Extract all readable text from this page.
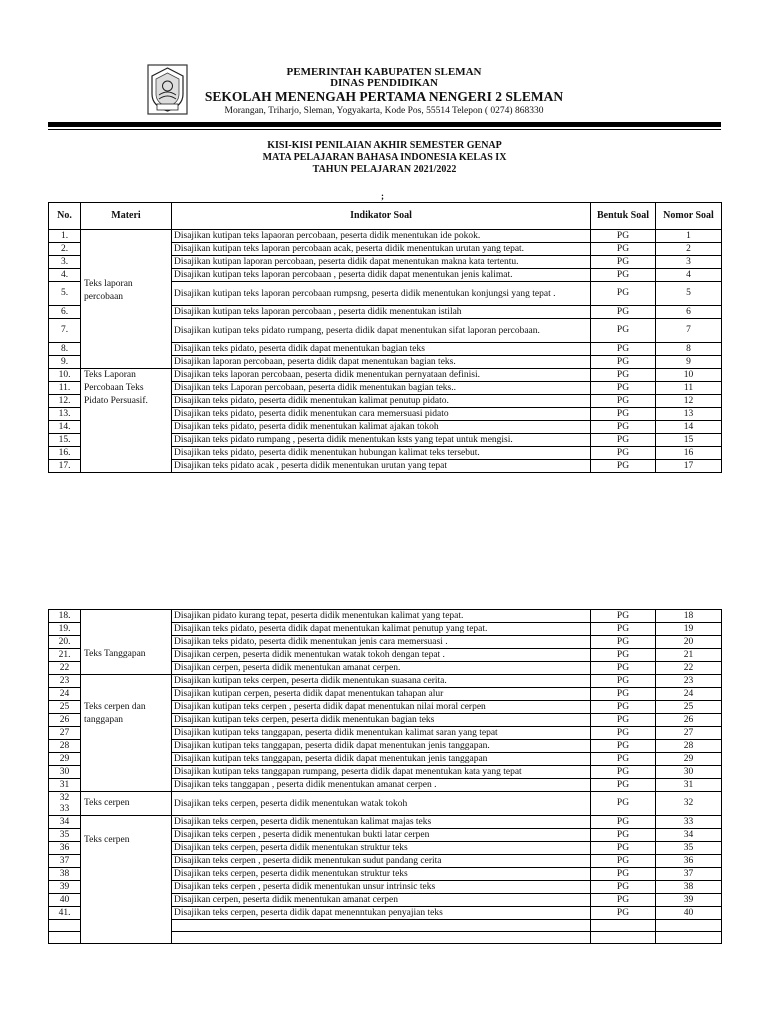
PEMERINTAH KABUPATEN SLEMAN
DINAS PENDIDIKAN
SEKOLAH MENENGAH PERTAMA NENGERI 2 SLEMAN
Morangan, Triharjo, Sleman, Yogyakarta, Kode Pos, 55514 Telepon ( 0274) 868330
KISI-KISI PENILAIAN AKHIR SEMESTER GENAP
MATA PELAJARAN BAHASA INDONESIA KELAS IX
TAHUN PELAJARAN 2021/2022
;
No.	Materi	Indikator Soal	Bentuk Soal	Nomor Soal
1.	Teks laporan percobaan	Disajikan kutipan teks lapaoran percobaan, peserta didik menentukan ide pokok.	PG	1
2.		Disajikan kutipan teks laporan percobaan acak, peserta didik menentukan urutan yang tepat.	PG	2
3.		Disajikan kutipan laporan percobaan, peserta didik dapat menentukan makna kata tertentu.	PG	3
4.		Disajikan kutipan teks laporan percobaan , peserta didik dapat menentukan jenis kalimat.	PG	4
5.		Disajikan kutipan teks laporan percobaan rumpsng, peserta didik menentukan konjungsi yang tepat .	PG	5
6.		Disajikan kutipan teks laporan percobaan , peserta didik menentukan istilah	PG	6
7.		Disajikan kutipan teks pidato rumpang, peserta didik dapat menentukan sifat laporan percobaan.	PG	7
8.		Disajikan teks pidato, peserta didik dapat menentukan bagian teks	PG	8
9.		Disajikan laporan percobaan, peserta didik dapat menentukan bagian teks.	PG	9
10.	Teks Laporan Percobaan Teks Pidato Persuasif.	Disajikan teks laporan percobaan, peserta didik menentukan pernyataan definisi.	PG	10
11.		Disajikan teks Laporan percobaan, peserta didik menentukan bagian teks..	PG	11
12.		Disajikan teks pidato, peserta didik menentukan kalimat penutup pidato.	PG	12
13.		Disajikan teks pidato, peserta didik menentukan cara memersuasi pidato	PG	13
14.		Disajikan teks pidato, peserta didik menentukan kalimat ajakan tokoh	PG	14
15.		Disajikan teks pidato rumpang , peserta didik menentukan ksts yang tepat untuk mengisi.	PG	15
16.		Disajikan teks pidato, peserta didik menentukan hubungan kalimat teks tersebut.	PG	16
17.		Disajikan teks pidato acak , peserta didik menentukan urutan yang tepat	PG	17
18.	Teks Tanggapan	Disajikan pidato kurang tepat, peserta didik menentukan kalimat yang tepat.	PG	18
19.		Disajikan teks pidato, peserta didik dapat menentukan kalimat penutup yang tepat.	PG	19
20.		Disajikan teks pidato, peserta didik menentukan jenis cara memersuasi .	PG	20
21.		Disajikan cerpen, peserta didik menentukan watak tokoh dengan tepat .	PG	21
22		Disajikan cerpen, peserta didik menentukan amanat cerpen.	PG	22
23	Teks cerpen dan tanggapan	Disajikan kutipan teks cerpen, peserta didik menentukan suasana cerita.	PG	23
24		Disajikan kutipan cerpen, peserta didik dapat menentukan tahapan alur	PG	24
25		Disajikan kutipan teks cerpen , peserta didik dapat menentukan nilai moral cerpen	PG	25
26		Disajikan kutipan teks cerpen, peserta didik menentukan bagian teks	PG	26
27		Disajikan kutipan teks tanggapan, peserta didik menentukan kalimat saran yang tepat	PG	27
28		Disajikan kutipan teks tanggapan, peserta didik dapat menentukan jenis tanggapan.	PG	28
29		Disajikan kutipan teks tanggapan, peserta didik dapat menentukan jenis tanggapan	PG	29
30		Disajikan kutipan teks tanggapan rumpang, peserta didik dapat menentukan kata yang tepat	PG	30
31		Disajikan teks tanggapan , peserta didik menentukan amanat cerpen .	PG	31
32 33	Teks cerpen	Disajikan teks cerpen, peserta didik menentukan watak tokoh	PG	32
34	Teks cerpen	Disajikan teks cerpen, peserta didik menentukan kalimat majas teks	PG	33
35		Disajikan teks cerpen , peserta didik menentukan bukti latar cerpen	PG	34
36		Disajikan teks cerpen, peserta didik menentukan struktur teks	PG	35
37		Disajikan teks cerpen , peserta didik menentukan sudut pandang cerita	PG	36
38		Disajikan teks cerpen, peserta didik menentukan struktur teks	PG	37
39		Disajikan teks cerpen , peserta didik menentukan unsur intrinsic teks	PG	38
40		Disajikan cerpen, peserta didik menentukan amanat cerpen	PG	39
41.		Disajikan teks cerpen, peserta didik dapat menenntukan penyajian teks	PG	40
